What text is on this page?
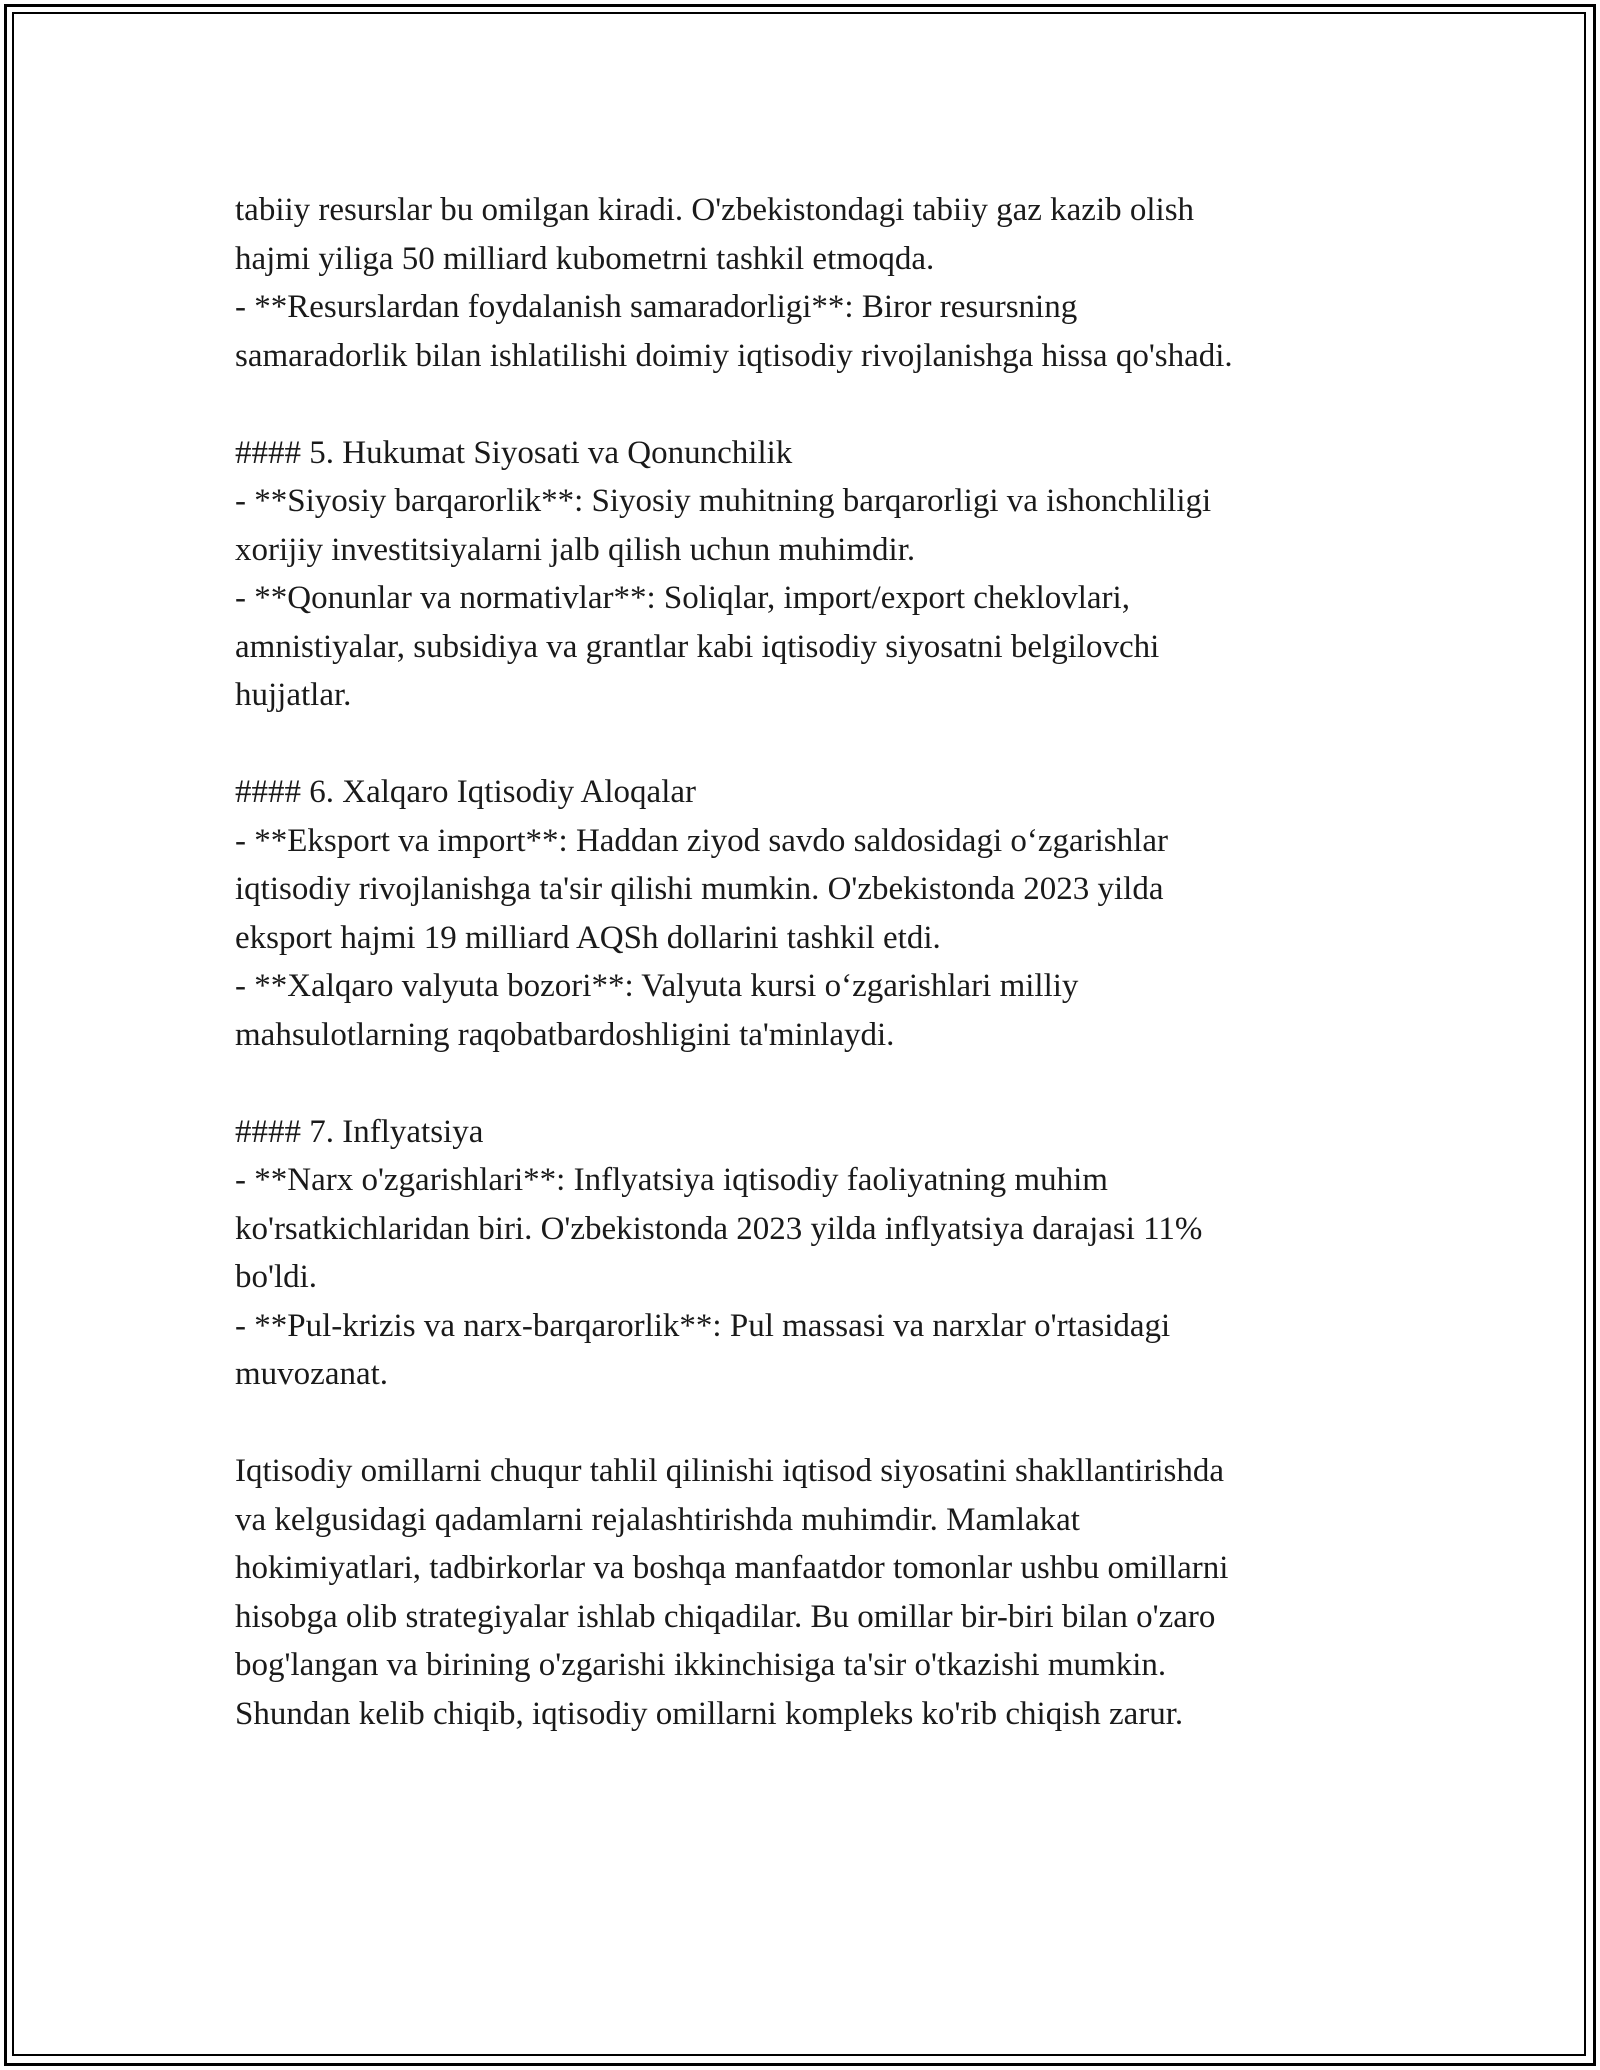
tabiiy resurslar bu omilgan kiradi. O'zbekistondagi tabiiy gaz kazib olish
hajmi yiliga 50 milliard kubometrni tashkil etmoqda.
- **Resurslardan foydalanish samaradorligi**: Biror resursning
samaradorlik bilan ishlatilishi doimiy iqtisodiy rivojlanishga hissa qo'shadi.
#### 5. Hukumat Siyosati va Qonunchilik
- **Siyosiy barqarorlik**: Siyosiy muhitning barqarorligi va ishonchliligi
xorijiy investitsiyalarni jalb qilish uchun muhimdir.
- **Qonunlar va normativlar**: Soliqlar, import/export cheklovlari,
amnistiyalar, subsidiya va grantlar kabi iqtisodiy siyosatni belgilovchi
hujjatlar.
#### 6. Xalqaro Iqtisodiy Aloqalar
- **Eksport va import**: Haddan ziyod savdo saldosidagi o‘zgarishlar
iqtisodiy rivojlanishga ta'sir qilishi mumkin. O'zbekistonda 2023 yilda
eksport hajmi 19 milliard AQSh dollarini tashkil etdi.
- **Xalqaro valyuta bozori**: Valyuta kursi o‘zgarishlari milliy
mahsulotlarning raqobatbardoshligini ta'minlaydi.
#### 7. Inflyatsiya
- **Narx o'zgarishlari**: Inflyatsiya iqtisodiy faoliyatning muhim
ko'rsatkichlaridan biri. O'zbekistonda 2023 yilda inflyatsiya darajasi 11%
bo'ldi.
- **Pul-krizis va narx-barqarorlik**: Pul massasi va narxlar o'rtasidagi
muvozanat.
Iqtisodiy omillarni chuqur tahlil qilinishi iqtisod siyosatini shakllantirishda
va kelgusidagi qadamlarni rejalashtirishda muhimdir. Mamlakat
hokimiyatlari, tadbirkorlar va boshqa manfaatdor tomonlar ushbu omillarni
hisobga olib strategiyalar ishlab chiqadilar. Bu omillar bir-biri bilan o'zaro
bog'langan va birining o'zgarishi ikkinchisiga ta'sir o'tkazishi mumkin.
Shundan kelib chiqib, iqtisodiy omillarni kompleks ko'rib chiqish zarur.
